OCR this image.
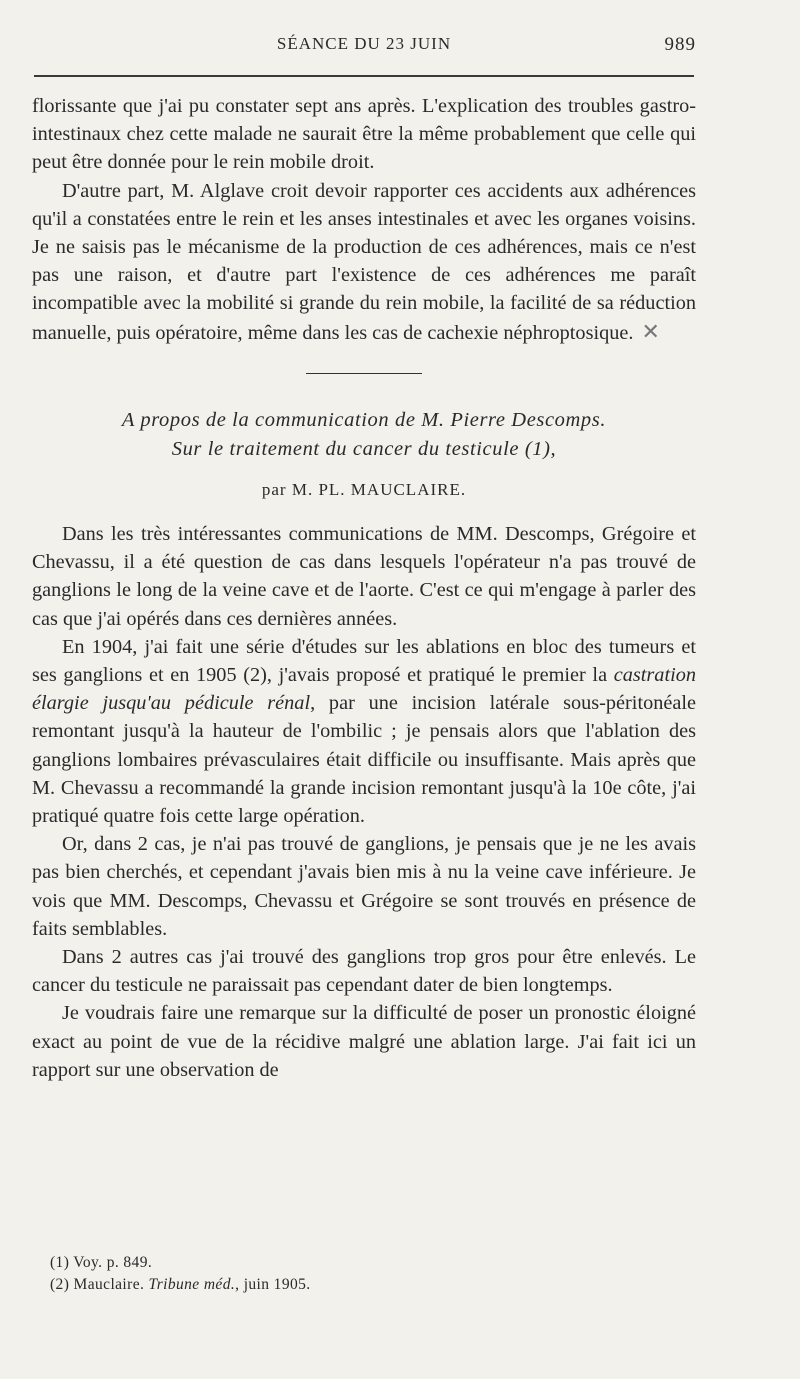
SÉANCE DU 23 JUIN	989

florissante que j'ai pu constater sept ans après. L'explication des troubles gastro-intestinaux chez cette malade ne saurait être la même probablement que celle qui peut être donnée pour le rein mobile droit.

D'autre part, M. Alglave croit devoir rapporter ces accidents aux adhérences qu'il a constatées entre le rein et les anses intestinales et avec les organes voisins. Je ne saisis pas le mécanisme de la production de ces adhérences, mais ce n'est pas une raison, et d'autre part l'existence de ces adhérences me paraît incompatible avec la mobilité si grande du rein mobile, la facilité de sa réduction manuelle, puis opératoire, même dans les cas de cachexie néphroptosique. ✕

A propos de la communication de M. Pierre Descomps.
Sur le traitement du cancer du testicule (1),
par M. PL. MAUCLAIRE.

Dans les très intéressantes communications de MM. Descomps, Grégoire et Chevassu, il a été question de cas dans lesquels l'opérateur n'a pas trouvé de ganglions le long de la veine cave et de l'aorte. C'est ce qui m'engage à parler des cas que j'ai opérés dans ces dernières années.

En 1904, j'ai fait une série d'études sur les ablations en bloc des tumeurs et ses ganglions et en 1905 (2), j'avais proposé et pratiqué le premier la castration élargie jusqu'au pédicule rénal, par une incision latérale sous-péritonéale remontant jusqu'à la hauteur de l'ombilic ; je pensais alors que l'ablation des ganglions lombaires prévasculaires était difficile ou insuffisante. Mais après que M. Chevassu a recommandé la grande incision remontant jusqu'à la 10e côte, j'ai pratiqué quatre fois cette large opération.

Or, dans 2 cas, je n'ai pas trouvé de ganglions, je pensais que je ne les avais pas bien cherchés, et cependant j'avais bien mis à nu la veine cave inférieure. Je vois que MM. Descomps, Chevassu et Grégoire se sont trouvés en présence de faits semblables.

Dans 2 autres cas j'ai trouvé des ganglions trop gros pour être enlevés. Le cancer du testicule ne paraissait pas cependant dater de bien longtemps.

Je voudrais faire une remarque sur la difficulté de poser un pronostic éloigné exact au point de vue de la récidive malgré une ablation large. J'ai fait ici un rapport sur une observation de

(1) Voy. p. 849.
(2) Mauclaire. Tribune méd., juin 1905.
